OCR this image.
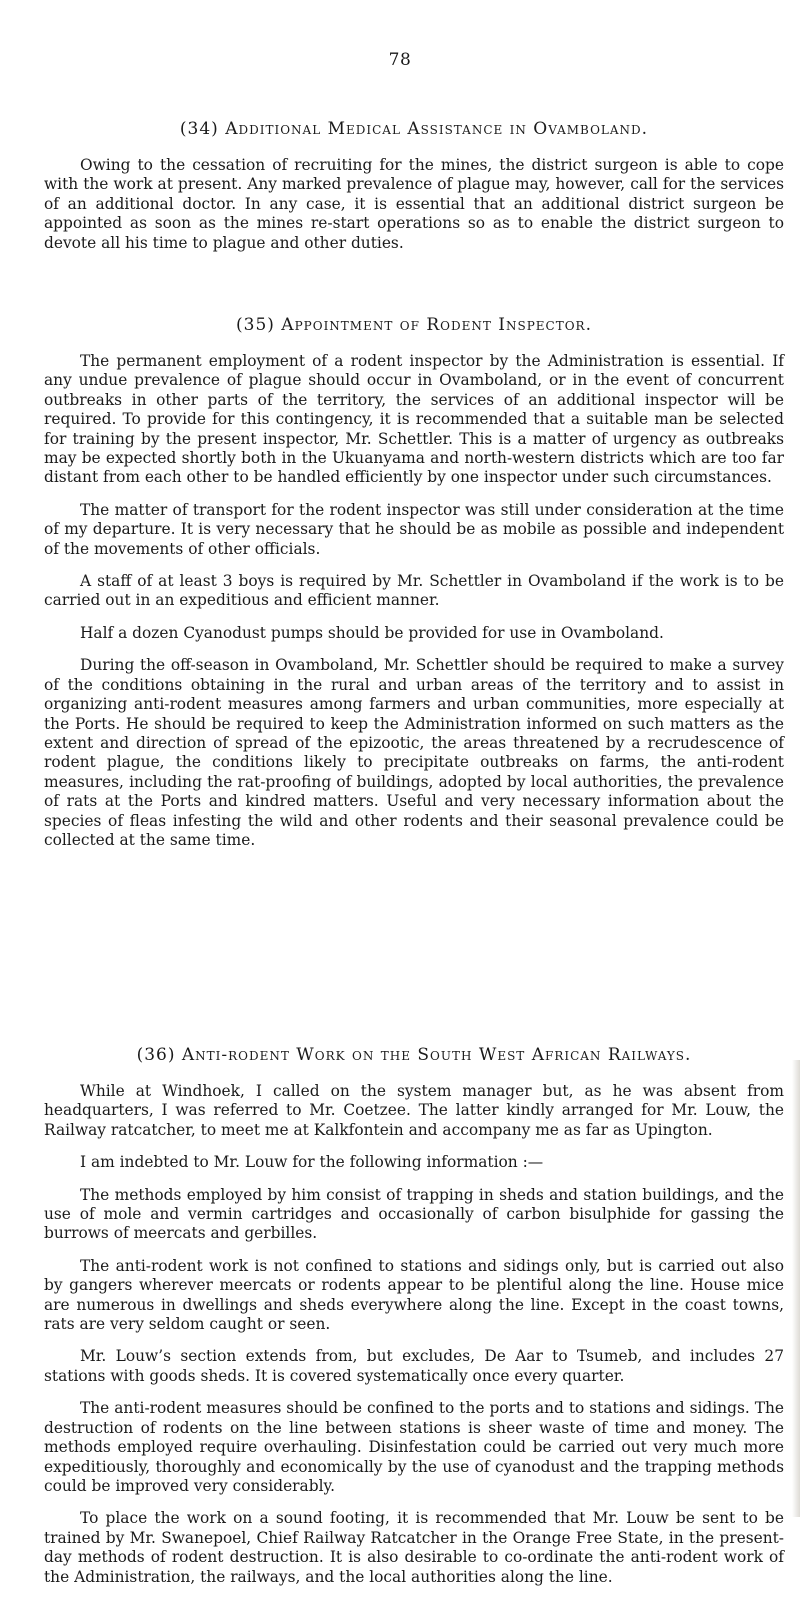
78
(34) Additional Medical Assistance in Ovamboland.

Owing to the cessation of recruiting for the mines, the district surgeon is able to cope with the work at present. Any marked prevalence of plague may, however, call for the services of an additional doctor. In any case, it is essential that an additional district surgeon be appointed as soon as the mines re-start operations so as to enable the district surgeon to devote all his time to plague and other duties.

(35) Appointment of Rodent Inspector.

The permanent employment of a rodent inspector by the Administration is essential. If any undue prevalence of plague should occur in Ovamboland, or in the event of concurrent outbreaks in other parts of the territory, the services of an additional inspector will be required. To provide for this contingency, it is recommended that a suitable man be selected for training by the present inspector, Mr. Schettler. This is a matter of urgency as outbreaks may be expected shortly both in the Ukuanyama and north-western districts which are too far distant from each other to be handled efficiently by one inspector under such circumstances.

The matter of transport for the rodent inspector was still under consideration at the time of my departure. It is very necessary that he should be as mobile as possible and independent of the movements of other officials.

A staff of at least 3 boys is required by Mr. Schettler in Ovamboland if the work is to be carried out in an expeditious and efficient manner.

Half a dozen Cyanodust pumps should be provided for use in Ovamboland.

During the off-season in Ovamboland, Mr. Schettler should be required to make a survey of the conditions obtaining in the rural and urban areas of the territory and to assist in organizing anti-rodent measures among farmers and urban communities, more especially at the Ports. He should be required to keep the Administration informed on such matters as the extent and direction of spread of the epizootic, the areas threatened by a recrudescence of rodent plague, the conditions likely to precipitate outbreaks on farms, the anti-rodent measures, including the rat-proofing of buildings, adopted by local authorities, the prevalence of rats at the Ports and kindred matters. Useful and very necessary information about the species of fleas infesting the wild and other rodents and their seasonal prevalence could be collected at the same time.

(36) Anti-rodent Work on the South West African Railways.

While at Windhoek, I called on the system manager but, as he was absent from headquarters, I was referred to Mr. Coetzee. The latter kindly arranged for Mr. Louw, the Railway ratcatcher, to meet me at Kalkfontein and accompany me as far as Upington.

I am indebted to Mr. Louw for the following information :—

The methods employed by him consist of trapping in sheds and station buildings, and the use of mole and vermin cartridges and occasionally of carbon bisulphide for gassing the burrows of meercats and gerbilles.

The anti-rodent work is not confined to stations and sidings only, but is carried out also by gangers wherever meercats or rodents appear to be plentiful along the line. House mice are numerous in dwellings and sheds everywhere along the line. Except in the coast towns, rats are very seldom caught or seen.

Mr. Louw’s section extends from, but excludes, De Aar to Tsumeb, and includes 27 stations with goods sheds. It is covered systematically once every quarter.

The anti-rodent measures should be confined to the ports and to stations and sidings. The destruction of rodents on the line between stations is sheer waste of time and money. The methods employed require overhauling. Disinfestation could be carried out very much more expeditiously, thoroughly and economically by the use of cyanodust and the trapping methods could be improved very considerably.

To place the work on a sound footing, it is recommended that Mr. Louw be sent to be trained by Mr. Swanepoel, Chief Railway Ratcatcher in the Orange Free State, in the present-day methods of rodent destruction. It is also desirable to co-ordinate the anti-rodent work of the Administration, the railways, and the local authorities along the line.
